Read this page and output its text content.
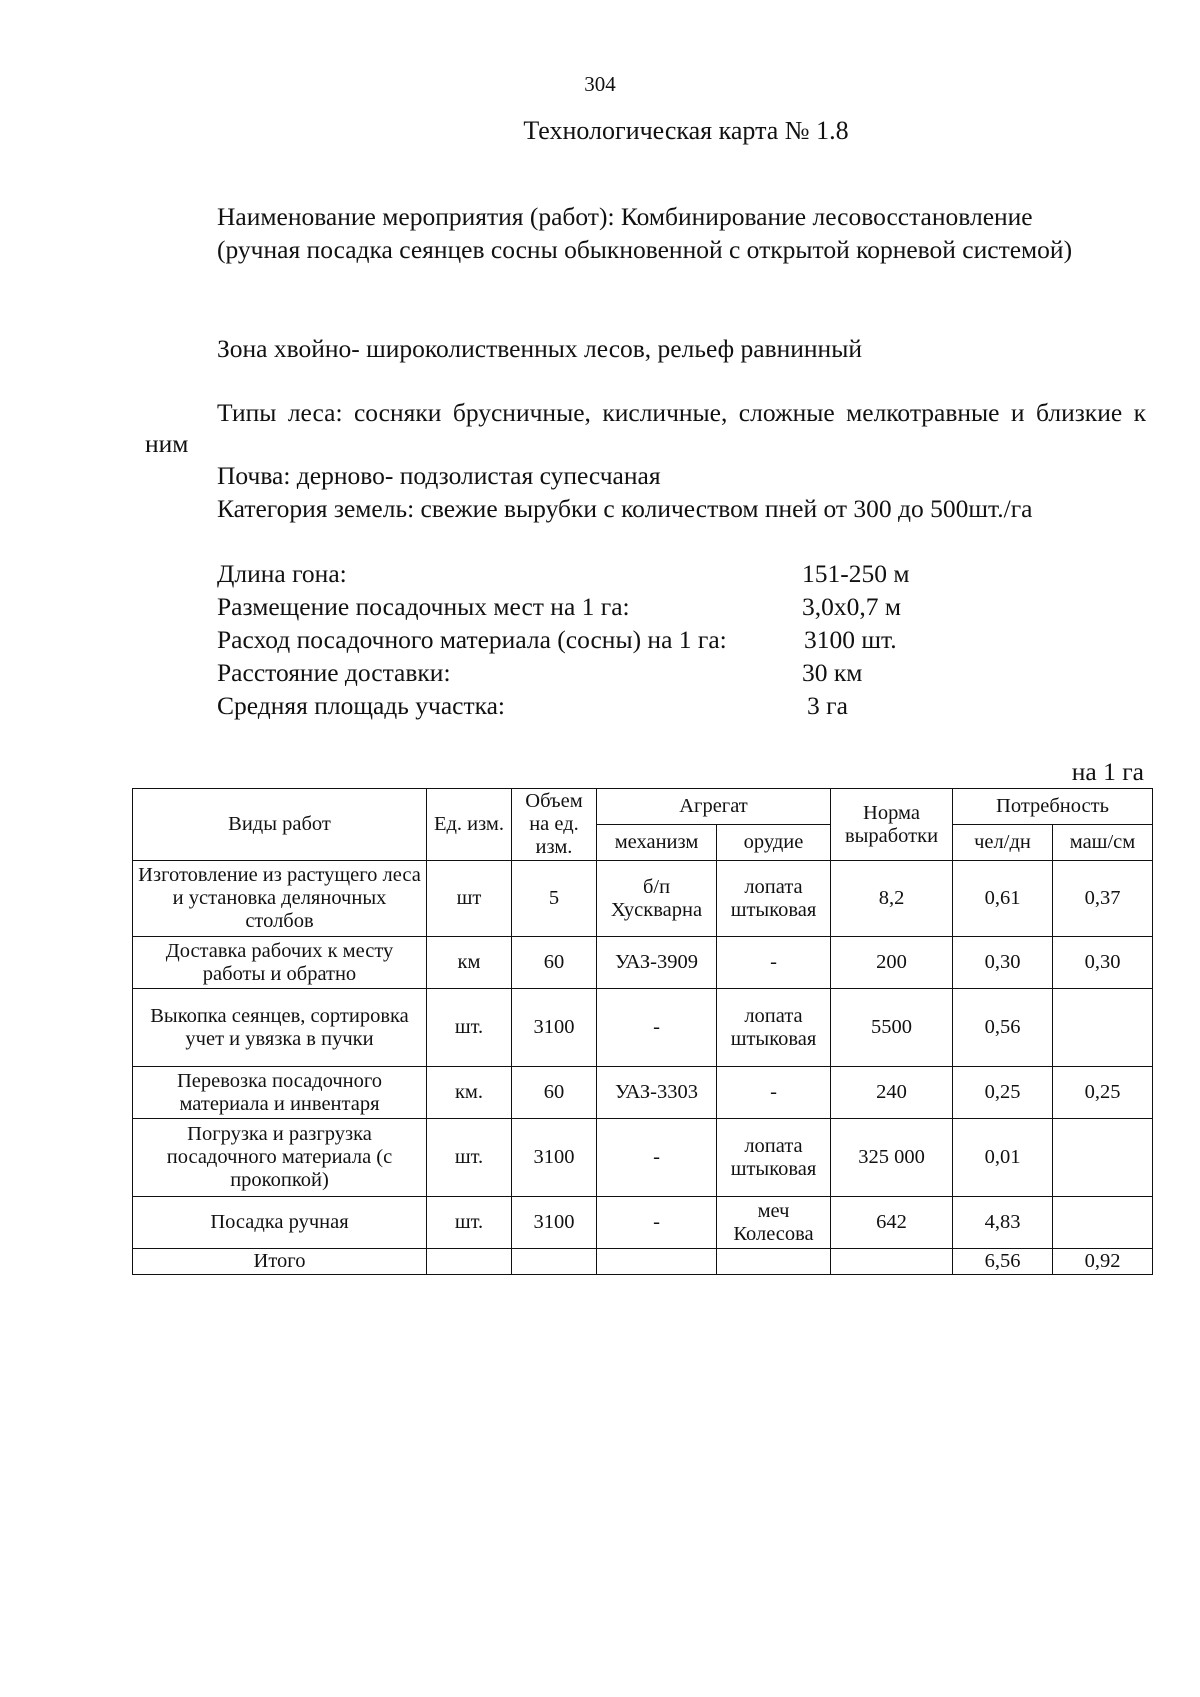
304
Технологическая карта № 1.8
Наименование мероприятия (работ): Комбинирование лесовосстановление
(ручная посадка сеянцев сосны обыкновенной с открытой корневой системой)
Зона хвойно- широколиственных лесов, рельеф равнинный
Типы леса: сосняки брусничные, кисличные, сложные мелкотравные и близкие к ним
Почва: дерново- подзолистая супесчаная
Категория земель: свежие вырубки с количеством пней от 300 до 500шт./га
Длина гона:	151-250 м
Размещение посадочных мест на 1 га:	3,0х0,7 м
Расход посадочного материала (сосны) на 1 га:	3100 шт.
Расстояние доставки:	30 км
Средняя площадь участка:	3 га
на 1 га
Виды работ	Ед. изм.	Объем на ед. изм.	Агрегат		Норма выработки	Потребность	
			механизм	орудие		чел/дн	маш/см
Изготовление из растущего леса и установка деляночных столбов	шт	5	б/п Хускварна	лопата штыковая	8,2	0,61	0,37
Доставка рабочих к месту работы и обратно	км	60	УАЗ-3909	-	200	0,30	0,30
Выкопка сеянцев, сортировка учет и увязка в пучки	шт.	3100	-	лопата штыковая	5500	0,56	
Перевозка посадочного материала и инвентаря	км.	60	УАЗ-3303	-	240	0,25	0,25
Погрузка и разгрузка посадочного материала (с прокопкой)	шт.	3100	-	лопата штыковая	325 000	0,01	
Посадка ручная	шт.	3100	-	меч Колесова	642	4,83	
Итого						6,56	0,92
